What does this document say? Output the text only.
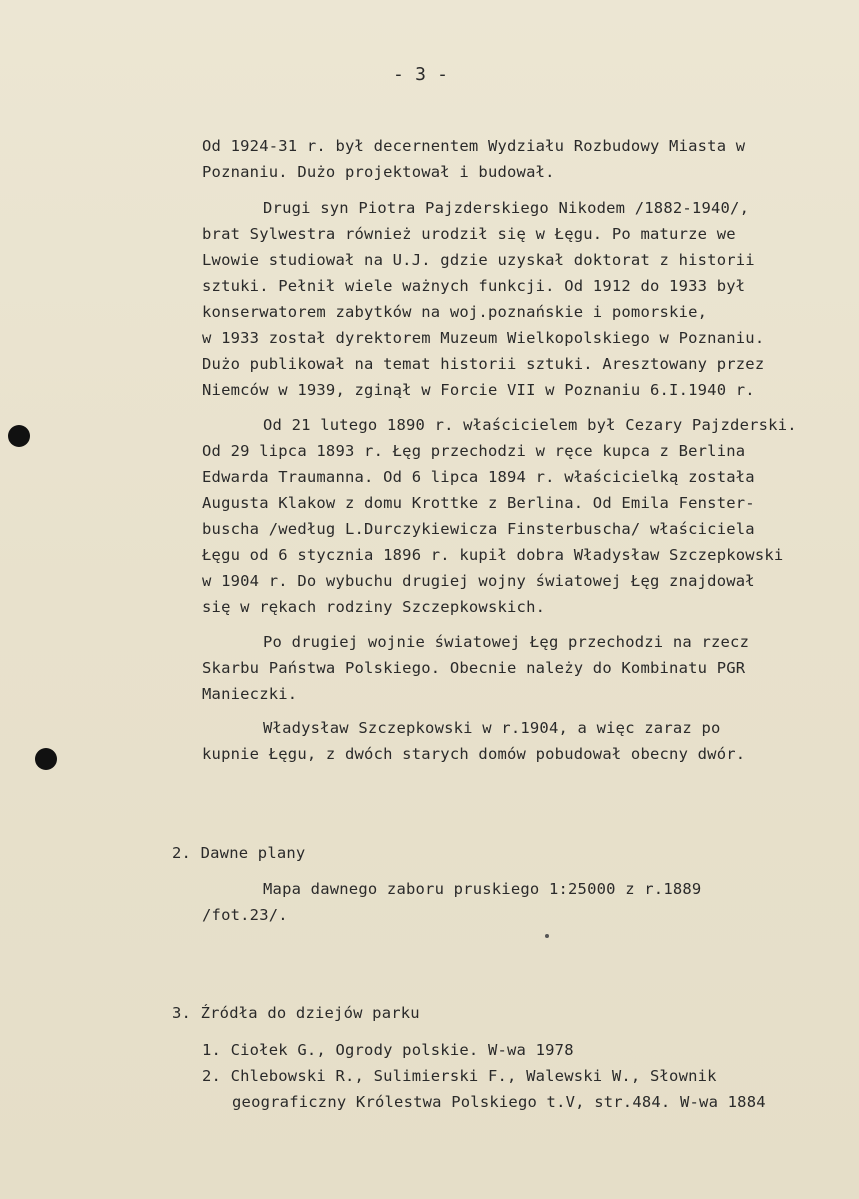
- 3 -
Od 1924-31 r. był decernentem Wydziału Rozbudowy Miasta w
Poznaniu. Dużo projektował i budował.
Drugi syn Piotra Pajzderskiego Nikodem /1882-1940/,
brat Sylwestra również urodził się w Łęgu. Po maturze we
Lwowie studiował na U.J. gdzie uzyskał doktorat z historii
sztuki. Pełnił wiele ważnych funkcji. Od 1912 do 1933 był
konserwatorem zabytków na woj.poznańskie i pomorskie,
w 1933 został dyrektorem Muzeum Wielkopolskiego w Poznaniu.
Dużo publikował na temat historii sztuki. Aresztowany przez
Niemców w 1939, zginął w Forcie VII w Poznaniu 6.I.1940 r.
Od 21 lutego 1890 r. właścicielem był Cezary Pajzderski.
Od 29 lipca 1893 r. Łęg przechodzi w ręce kupca z Berlina
Edwarda Traumanna. Od 6 lipca 1894 r. właścicielką została
Augusta Klakow z domu Krottke z Berlina. Od Emila Fenster-
buscha /według L.Durczykiewicza Finsterbuscha/ właściciela
Łęgu od 6 stycznia 1896 r. kupił dobra Władysław Szczepkowski
w 1904 r. Do wybuchu drugiej wojny światowej Łęg znajdował
się w rękach rodziny Szczepkowskich.
Po drugiej wojnie światowej Łęg przechodzi na rzecz
Skarbu Państwa Polskiego. Obecnie należy do Kombinatu PGR
Manieczki.
Władysław Szczepkowski w r.1904, a więc zaraz po
kupnie Łęgu, z dwóch starych domów pobudował obecny dwór.
2. Dawne plany
Mapa dawnego zaboru pruskiego 1:25000 z r.1889
/fot.23/.
3. Źródła do dziejów parku
1. Ciołek G., Ogrody polskie. W-wa 1978
2. Chlebowski R., Sulimierski F., Walewski W., Słownik
geograficzny Królestwa Polskiego t.V, str.484. W-wa 1884
